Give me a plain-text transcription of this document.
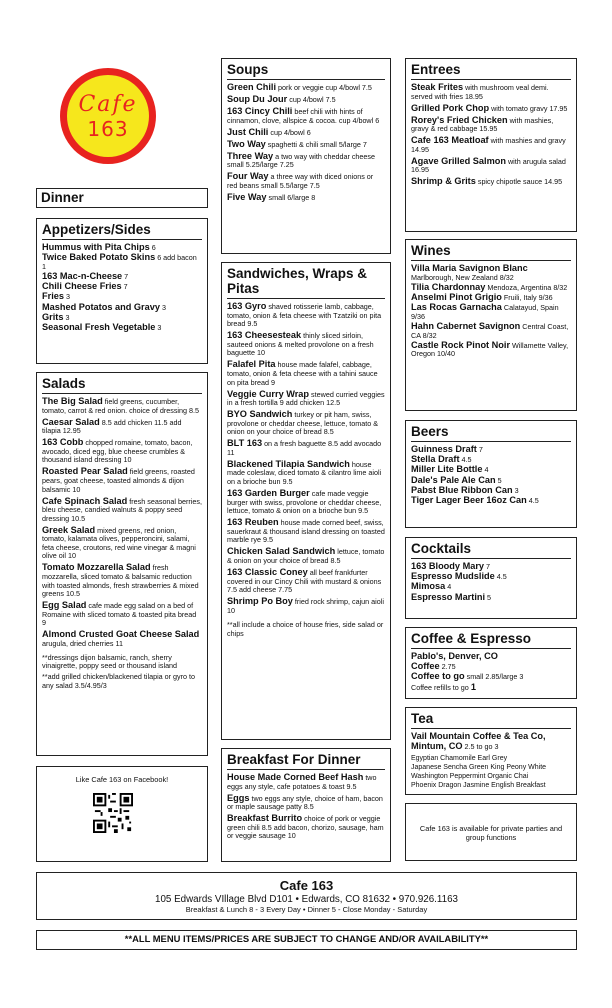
Cafe
163
Dinner
Appetizers/Sides
Hummus with Pita Chips 6
Twice Baked Potato Skins 6 add bacon 1
163 Mac-n-Cheese 7
Chili Cheese Fries 7
Fries 3
Mashed Potatos and Gravy 3
Grits 3
Seasonal Fresh Vegetable 3
Salads
The Big Salad field greens, cucumber, tomato, carrot & red onion. choice of dressing 8.5
Caesar Salad 8.5 add chicken 11.5 add tilapia 12.95
163 Cobb chopped romaine, tomato, bacon, avocado, diced egg, blue cheese crumbles & thousand island dressing 10
Roasted Pear Salad field greens, roasted pears, goat cheese, toasted almonds & dijon balsamic 10
Cafe Spinach Salad fresh seasonal berries, bleu cheese, candied walnuts & poppy seed dressing 10.5
Greek Salad mixed greens, red onion, tomato, kalamata olives, pepperoncini, salami, feta cheese, croutons, red wine vinegar & magni olive oil 10
Tomato Mozzarella Salad fresh mozzarella, sliced tomato & balsamic reduction with toasted almonds, fresh strawberries & mixed greens 10.5
Egg Salad cafe made egg salad on a bed of Romaine with sliced tomato & toasted pita bread 9
Almond Crusted Goat Cheese Salad arugula, dried cherries 11
**dressings dijon balsamic, ranch, sherry vinaigrette, poppy seed or thousand island
**add grilled chicken/blackened tilapia or gyro to any salad 3.5/4.95/3
Like Cafe 163 on Facebook!
Soups
Green Chili pork or veggie cup 4/bowl 7.5
Soup Du Jour cup 4/bowl 7.5
163 Cincy Chili beef chili with hints of cinnamon, clove, allspice & cocoa. cup 4/bowl 6
Just Chili cup 4/bowl 6
Two Way spaghetti & chili small 5/large 7
Three Way a two way with cheddar cheese small 5.25/large 7.25
Four Way a three way with diced onions or red beans small 5.5/large 7.5
Five Way small 6/large 8
Sandwiches, Wraps & Pitas
163 Gyro shaved rotisserie lamb, cabbage, tomato, onion & feta cheese with Tzatziki on pita bread 9.5
163 Cheesesteak thinly sliced sirloin, sauteed onions & melted provolone on a fresh baguette 10
Falafel Pita house made falafel, cabbage, tomato, onion & feta cheese with a tahini sauce on pita bread 9
Veggie Curry Wrap stewed curried veggies in a fresh tortilla 9 add chicken 12.5
BYO Sandwich turkey or pit ham, swiss, provolone or cheddar cheese, lettuce, tomato & onion on your choice of bread 8.5
BLT 163 on a fresh baguette 8.5 add avocado 11
Blackened Tilapia Sandwich house made coleslaw, diced tomato & cilantro lime aioli on a brioche bun 9.5
163 Garden Burger cafe made veggie burger with swiss, provolone or cheddar cheese, lettuce, tomato & onion on a brioche bun 9.5
163 Reuben house made corned beef, swiss, sauerkraut & thousand island dressing on toasted marble rye 9.5
Chicken Salad Sandwich lettuce, tomato & onion on your choice of bread 8.5
163 Classic Coney all beef frankfurter covered in our Cincy Chili with mustard & onions 7.5 add cheese 7.75
Shrimp Po Boy fried rock shrimp, cajun aioli 10
**all include a choice of house fries, side salad or chips
Breakfast For Dinner
House Made Corned Beef Hash two eggs any style, cafe potatoes & toast 9.5
Eggs two eggs any style, choice of ham, bacon or maple sausage patty 8.5
Breakfast Burrito choice of pork or veggie green chili 8.5 add bacon, chorizo, sausage, ham or veggie sausage 10
Entrees
Steak Frites with mushroom veal demi. served with fries 18.95
Grilled Pork Chop with tomato gravy 17.95
Rorey's Fried Chicken with mashies, gravy & red cabbage 15.95
Cafe 163 Meatloaf with mashies and gravy 14.95
Agave Grilled Salmon with arugula salad 16.95
Shrimp & Grits spicy chipotle sauce 14.95
Wines
Villa Maria Savignon Blanc Marlborough, New Zealand 8/32
Tilia Chardonnay Mendoza, Argentina 8/32
Anselmi Pinot Grigio Fruili, Italy 9/36
Las Rocas Garnacha Calatayud, Spain 9/36
Hahn Cabernet Savignon Central Coast, CA 8/32
Castle Rock Pinot Noir Willamette Valley, Oregon 10/40
Beers
Guinness Draft 7
Stella Draft 4.5
Miller Lite Bottle 4
Dale's Pale Ale Can 5
Pabst Blue Ribbon Can 3
Tiger Lager Beer 16oz Can 4.5
Cocktails
163 Bloody Mary 7
Espresso Mudslide 4.5
Mimosa 4
Espresso Martini 5
Coffee & Espresso
Pablo's, Denver, CO
Coffee 2.75
Coffee to go small 2.85/large 3
Coffee refills to go 1
Tea
Vail Mountain Coffee & Tea Co, Mintum, CO 2.5 to go 3
Egyptian Chamomile Earl Grey
Japanese Sencha Green King Peony White
Washington Peppermint Organic Chai
Phoenix Dragon Jasmine English Breakfast
Cafe 163 is available for private parties and group functions
Cafe 163
105 Edwards VIllage Blvd D101 • Edwards, CO 81632 • 970.926.1163
Breakfast & Lunch 8 - 3 Every Day • Dinner 5 - Close Monday - Saturday
**ALL MENU ITEMS/PRICES ARE SUBJECT TO CHANGE AND/OR AVAILABILITY**
